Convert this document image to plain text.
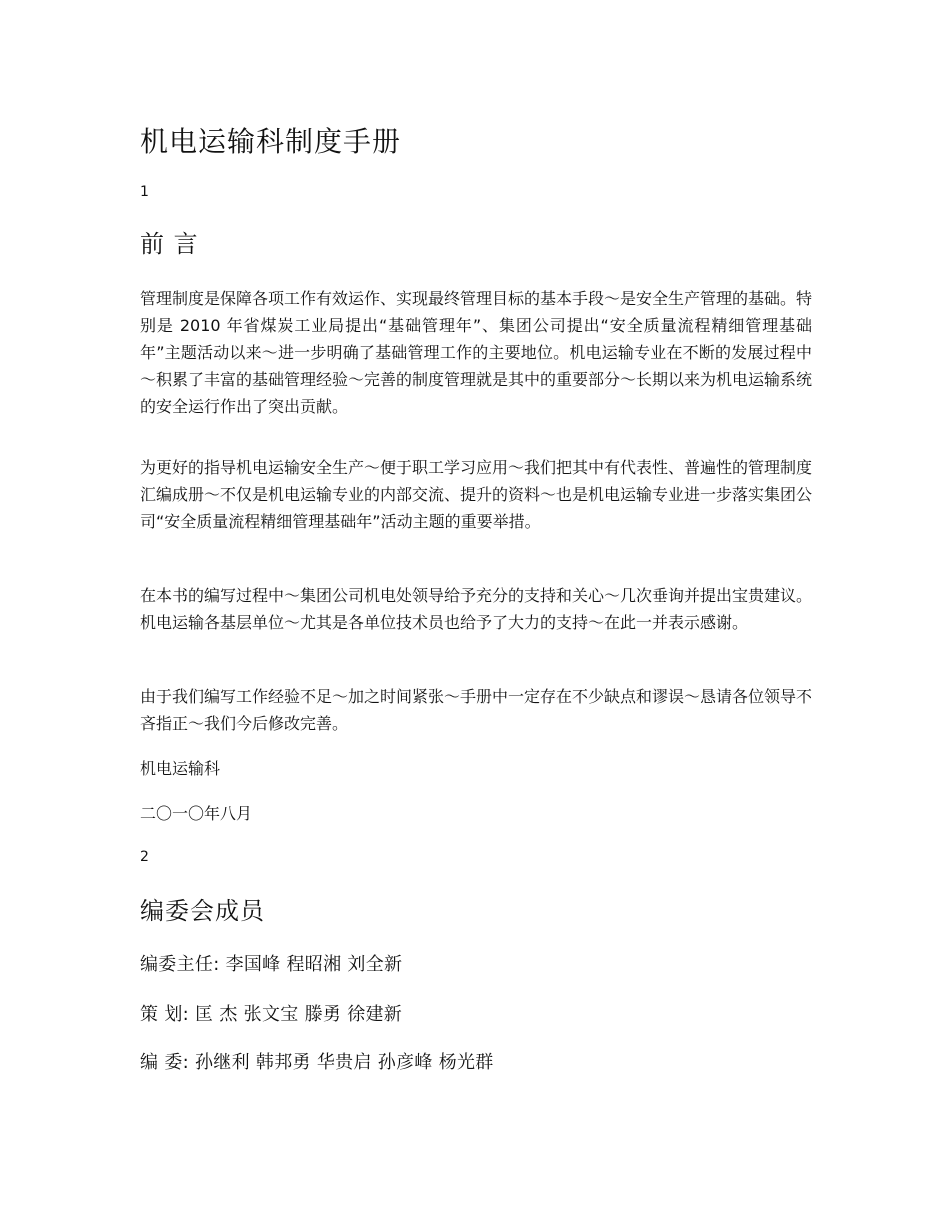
机电运输科制度手册
1
前 言
管理制度是保障各项工作有效运作、实现最终管理目标的基本手段～是安全生产管理的基础。特别是 2010 年省煤炭工业局提出“基础管理年”、集团公司提出“安全质量流程精细管理基础年”主题活动以来～进一步明确了基础管理工作的主要地位。机电运输专业在不断的发展过程中～积累了丰富的基础管理经验～完善的制度管理就是其中的重要部分～长期以来为机电运输系统的安全运行作出了突出贡献。
为更好的指导机电运输安全生产～便于职工学习应用～我们把其中有代表性、普遍性的管理制度汇编成册～不仅是机电运输专业的内部交流、提升的资料～也是机电运输专业进一步落实集团公司“安全质量流程精细管理基础年”活动主题的重要举措。
在本书的编写过程中～集团公司机电处领导给予充分的支持和关心～几次垂询并提出宝贵建议。机电运输各基层单位～尤其是各单位技术员也给予了大力的支持～在此一并表示感谢。
由于我们编写工作经验不足～加之时间紧张～手册中一定存在不少缺点和谬误～恳请各位领导不吝指正～我们今后修改完善。
机电运输科
二〇一〇年八月
2
编委会成员
编委主任: 李国峰 程昭湘 刘全新
策 划: 匡 杰 张文宝 滕勇 徐建新
编 委: 孙继利 韩邦勇 华贵启 孙彦峰 杨光群
